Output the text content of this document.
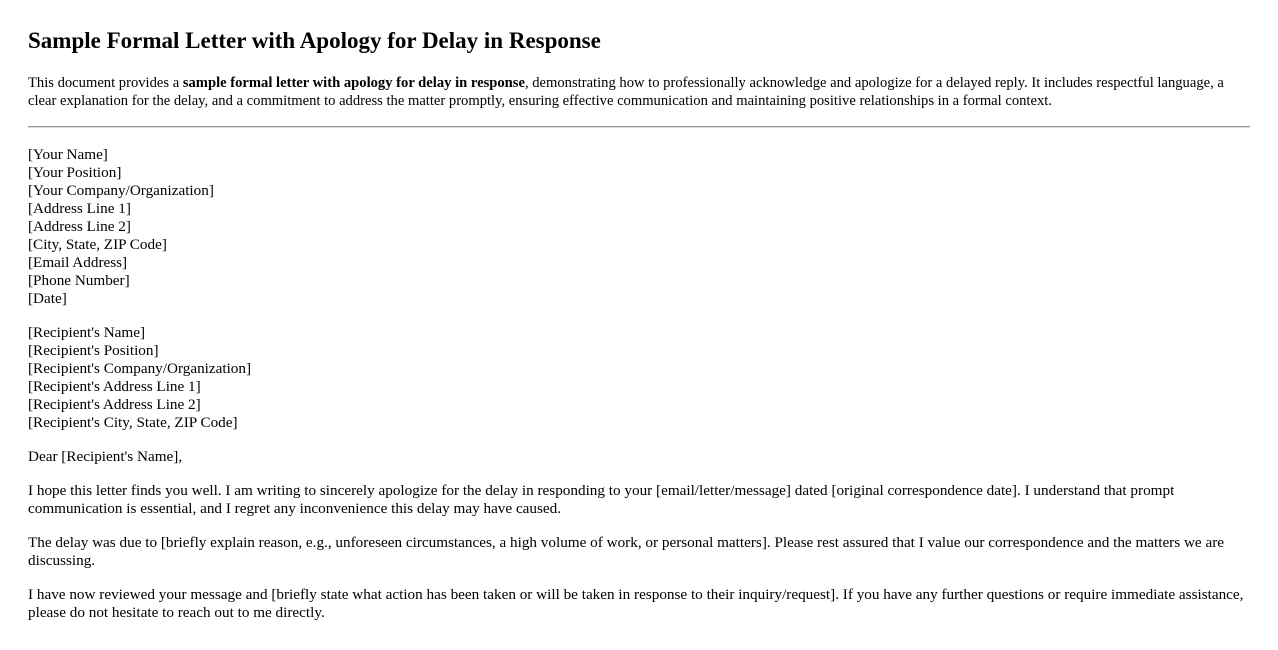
Sample Formal Letter with Apology for Delay in Response

This document provides a sample formal letter with apology for delay in response, demonstrating how to professionally acknowledge and apologize for a delayed reply. It includes respectful language, a clear explanation for the delay, and a commitment to address the matter promptly, ensuring effective communication and maintaining positive relationships in a formal context.

[Your Name]
[Your Position]
[Your Company/Organization]
[Address Line 1]
[Address Line 2]
[City, State, ZIP Code]
[Email Address]
[Phone Number]
[Date]
[Recipient's Name]
[Recipient's Position]
[Recipient's Company/Organization]
[Recipient's Address Line 1]
[Recipient's Address Line 2]
[Recipient's City, State, ZIP Code]

Dear [Recipient's Name],

I hope this letter finds you well. I am writing to sincerely apologize for the delay in responding to your [email/letter/message] dated [original correspondence date]. I understand that prompt communication is essential, and I regret any inconvenience this delay may have caused.

The delay was due to [briefly explain reason, e.g., unforeseen circumstances, a high volume of work, or personal matters]. Please rest assured that I value our correspondence and the matters we are discussing.

I have now reviewed your message and [briefly state what action has been taken or will be taken in response to their inquiry/request]. If you have any further questions or require immediate assistance, please do not hesitate to reach out to me directly.
